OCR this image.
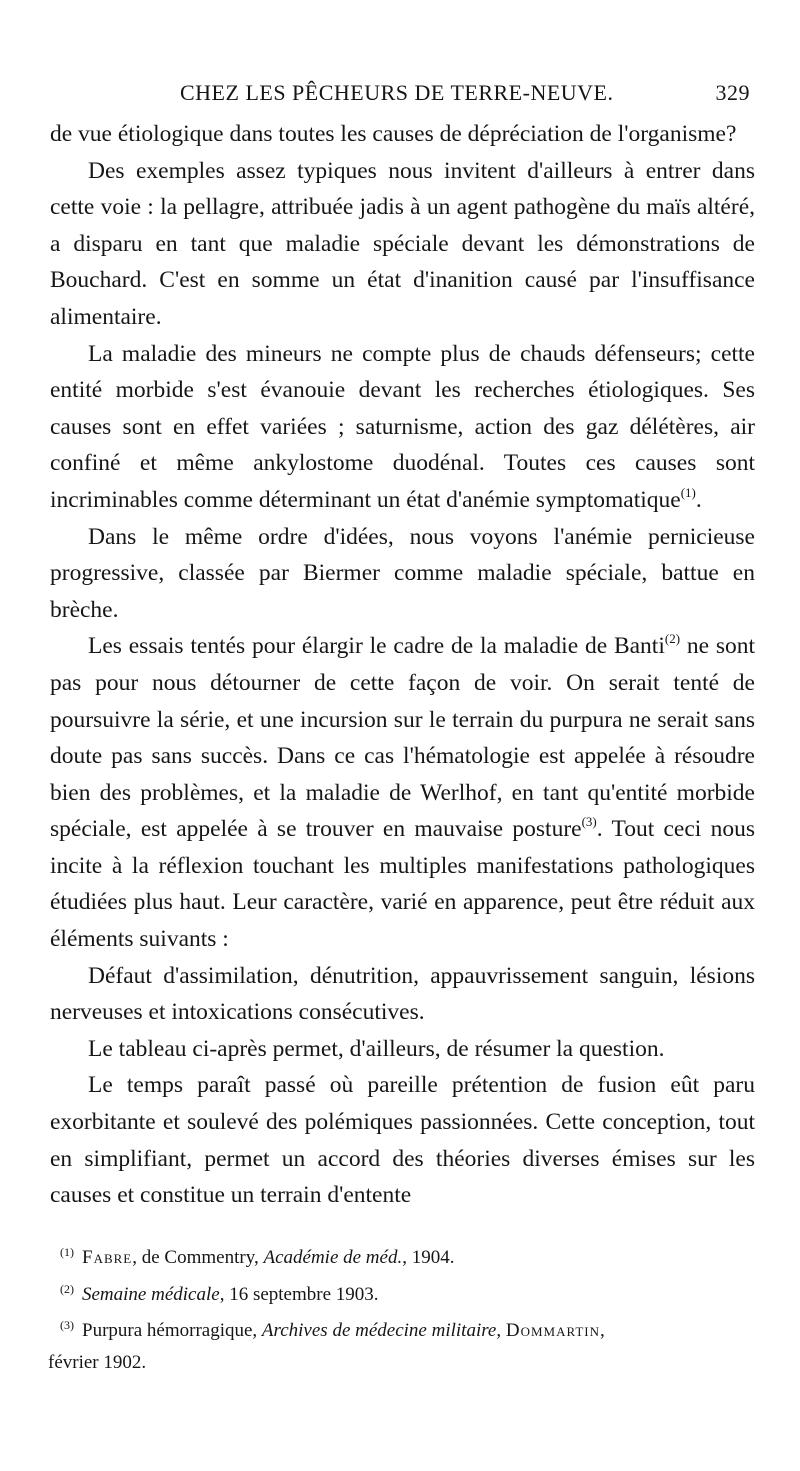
CHEZ LES PÊCHEURS DE TERRE-NEUVE.	329

de vue étiologique dans toutes les causes de dépréciation de l'organisme?

Des exemples assez typiques nous invitent d'ailleurs à entrer dans cette voie : la pellagre, attribuée jadis à un agent pathogène du maïs altéré, a disparu en tant que maladie spéciale devant les démonstrations de Bouchard. C'est en somme un état d'inanition causé par l'insuffisance alimentaire.

La maladie des mineurs ne compte plus de chauds défenseurs; cette entité morbide s'est évanouie devant les recherches étiologiques. Ses causes sont en effet variées ; saturnisme, action des gaz délétères, air confiné et même ankylostome duodénal. Toutes ces causes sont incriminables comme déterminant un état d'anémie symptomatique$^{(1)}$.

Dans le même ordre d'idées, nous voyons l'anémie pernicieuse progressive, classée par Biermer comme maladie spéciale, battue en brèche.

Les essais tentés pour élargir le cadre de la maladie de Banti$^{(2)}$ ne sont pas pour nous détourner de cette façon de voir. On serait tenté de poursuivre la série, et une incursion sur le terrain du purpura ne serait sans doute pas sans succès. Dans ce cas l'hématologie est appelée à résoudre bien des problèmes, et la maladie de Werlhof, en tant qu'entité morbide spéciale, est appelée à se trouver en mauvaise posture$^{(3)}$. Tout ceci nous incite à la réflexion touchant les multiples manifestations pathologiques étudiées plus haut. Leur caractère, varié en apparence, peut être réduit aux éléments suivants :

Défaut d'assimilation, dénutrition, appauvrissement sanguin, lésions nerveuses et intoxications consécutives.

Le tableau ci-après permet, d'ailleurs, de résumer la question.

Le temps paraît passé où pareille prétention de fusion eût paru exorbitante et soulevé des polémiques passionnées. Cette conception, tout en simplifiant, permet un accord des théories diverses émises sur les causes et constitue un terrain d'entente

$^{(1)}$ Fabre, de Commentry, Académie de méd., 1904.

$^{(2)}$ Semaine médicale, 16 septembre 1903.

$^{(3)}$ Purpura hémorragique, Archives de médecine militaire, Dommartin,

février 1902.
